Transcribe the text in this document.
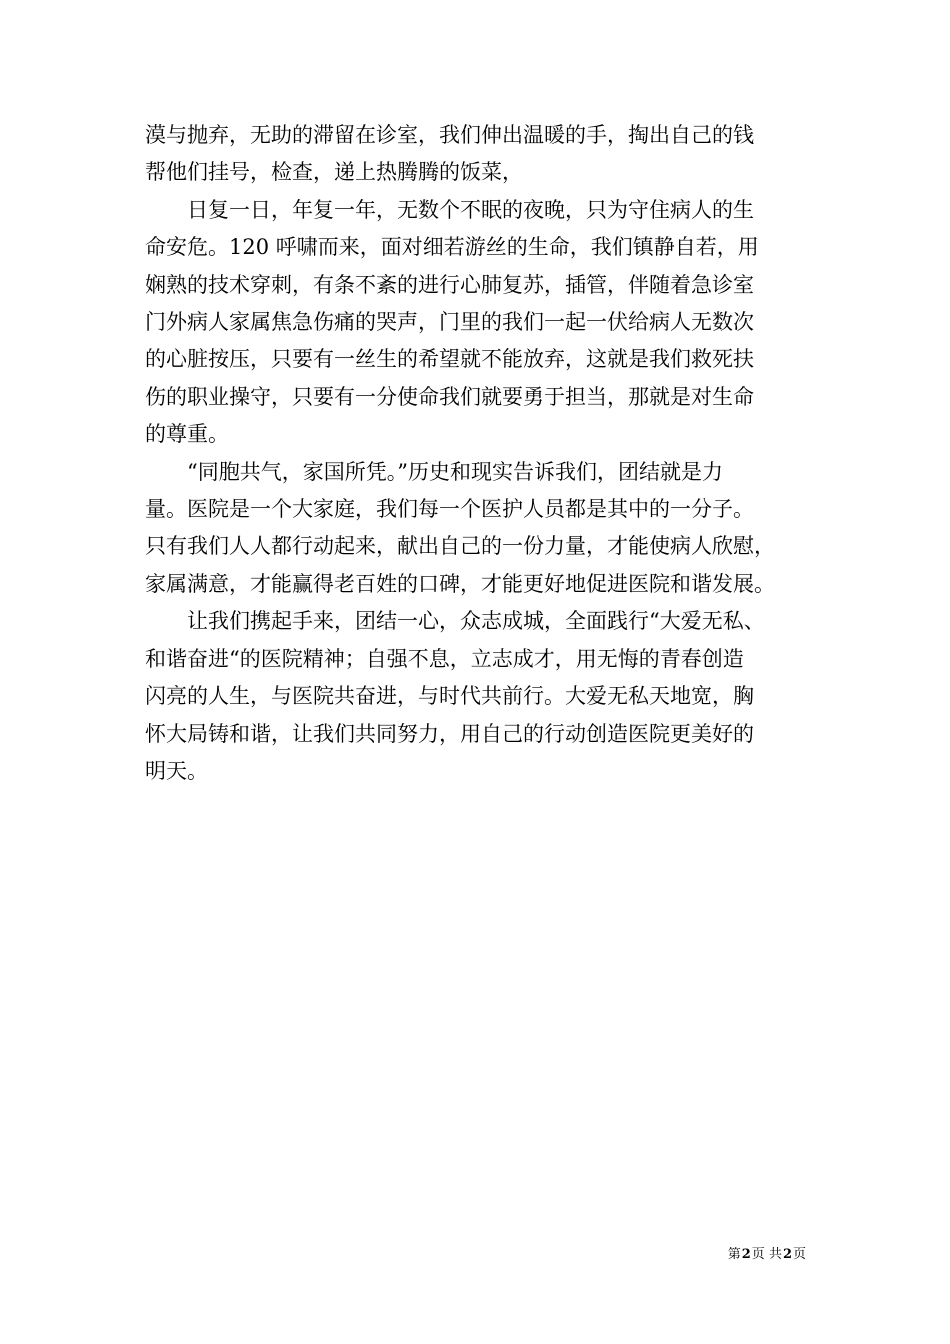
漠与抛弃，无助的滞留在诊室，我们伸出温暖的手，掏出自己的钱
帮他们挂号，检查，递上热腾腾的饭菜，
日复一日，年复一年，无数个不眠的夜晚，只为守住病人的生
命安危。120 呼啸而来，面对细若游丝的生命，我们镇静自若，用
娴熟的技术穿刺，有条不紊的进行心肺复苏，插管，伴随着急诊室
门外病人家属焦急伤痛的哭声，门里的我们一起一伏给病人无数次
的心脏按压，只要有一丝生的希望就不能放弃，这就是我们救死扶
伤的职业操守，只要有一分使命我们就要勇于担当，那就是对生命
的尊重。
“同胞共气，家国所凭。”历史和现实告诉我们，团结就是力
量。医院是一个大家庭，我们每一个医护人员都是其中的一分子。
只有我们人人都行动起来，献出自己的一份力量，才能使病人欣慰，
家属满意，才能赢得老百姓的口碑，才能更好地促进医院和谐发展。
让我们携起手来，团结一心，众志成城，全面践行“大爱无私、
和谐奋进“的医院精神；自强不息，立志成才，用无悔的青春创造
闪亮的人生，与医院共奋进，与时代共前行。大爱无私天地宽，胸
怀大局铸和谐，让我们共同努力，用自己的行动创造医院更美好的
明天。
第2页 共2页
